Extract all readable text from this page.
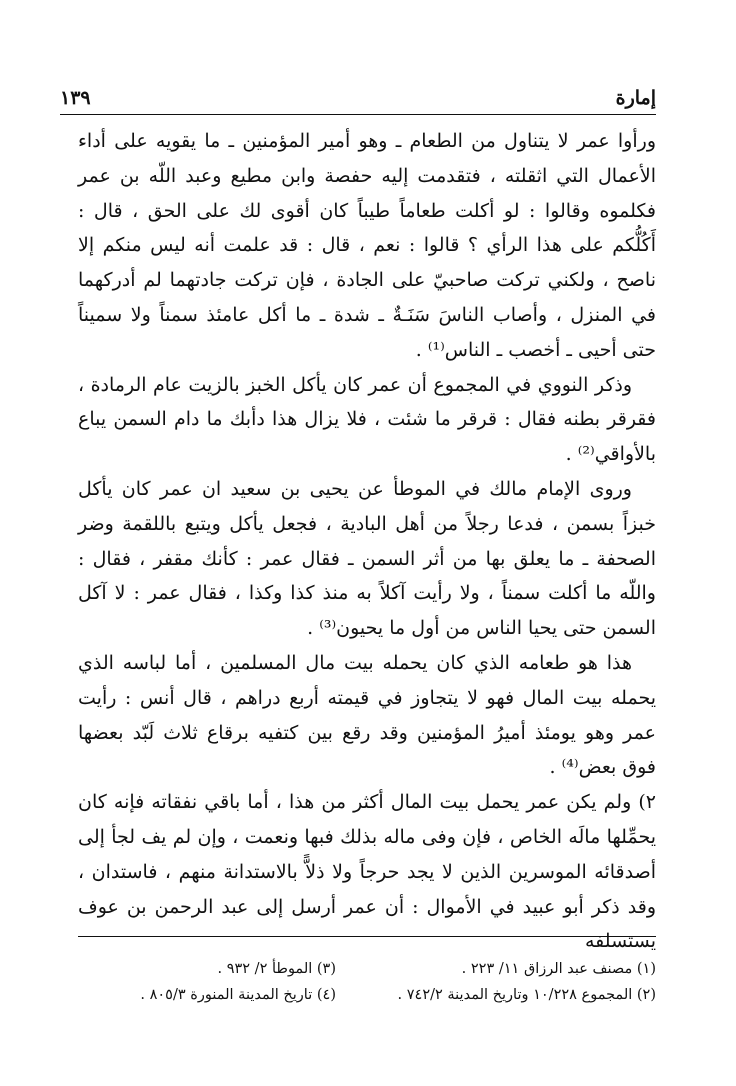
إمارة
١٣٩

ورأوا عمر لا يتناول من الطعام ـ وهو أمير المؤمنين ـ ما يقويه على أداء الأعمال التي اثقلته ، فتقدمت إليه حفصة وابن مطيع وعبد اللّه بن عمر فكلموه وقالوا : لو أكلت طعاماً طيباً كان أقوى لك على الحق ، قال : أَكُلُّكم على هذا الرأي ؟ قالوا : نعم ، قال : قد علمت أنه ليس منكم إلا ناصح ، ولكني تركت صاحبيّ على الجادة ، فإن تركت جادتهما لم أدركهما في المنزل ، وأصاب الناسَ سَنَـةٌ ـ شدة ـ ما أكل عامئذ سمناً ولا سميناً حتى أحيى ـ أخصب ـ الناس⁽¹⁾ .

وذكر النووي في المجموع أن عمر كان يأكل الخبز بالزيت عام الرمادة ، فقرقر بطنه فقال : قرقر ما شئت ، فلا يزال هذا دأبك ما دام السمن يباع بالأواقي⁽²⁾ .

وروى الإمام مالك في الموطأ عن يحيى بن سعيد ان عمر كان يأكل خبزاً بسمن ، فدعا رجلاً من أهل البادية ، فجعل يأكل ويتبع باللقمة وضر الصحفة ـ ما يعلق بها من أثر السمن ـ فقال عمر : كأنك مقفر ، فقال : واللّه ما أكلت سمناً ، ولا رأيت آكلاً به منذ كذا وكذا ، فقال عمر : لا آكل السمن حتى يحيا الناس من أول ما يحيون⁽³⁾ .

هذا هو طعامه الذي كان يحمله بيت مال المسلمين ، أما لباسه الذي يحمله بيت المال فهو لا يتجاوز في قيمته أربع دراهم ، قال أنس : رأيت عمر وهو يومئذ أميرُ المؤمنين وقد رقع بين كتفيه برقاع ثلاث لَبّد بعضها فوق بعض⁽⁴⁾ .

٢) ولم يكن عمر يحمل بيت المال أكثر من هذا ، أما باقي نفقاته فإنه كان يحمِّلها مالَه الخاص ، فإن وفى ماله بذلك فبها ونعمت ، وإن لم يف لجأ إلى أصدقائه الموسرين الذين لا يجد حرجاً ولا ذلاًّ بالاستدانة منهم ، فاستدان ، وقد ذكر أبو عبيد في الأموال : أن عمر أرسل إلى عبد الرحمن بن عوف يستسلفه

(١) مصنف عبد الرزاق ١١/ ٢٢٣ .
(٣) الموطأ ٢/ ٩٣٢ .
(٢) المجموع ١٠/٢٢٨ وتاريخ المدينة ٧٤٢/٢ .
(٤) تاريخ المدينة المنورة ٨٠٥/٣ .
